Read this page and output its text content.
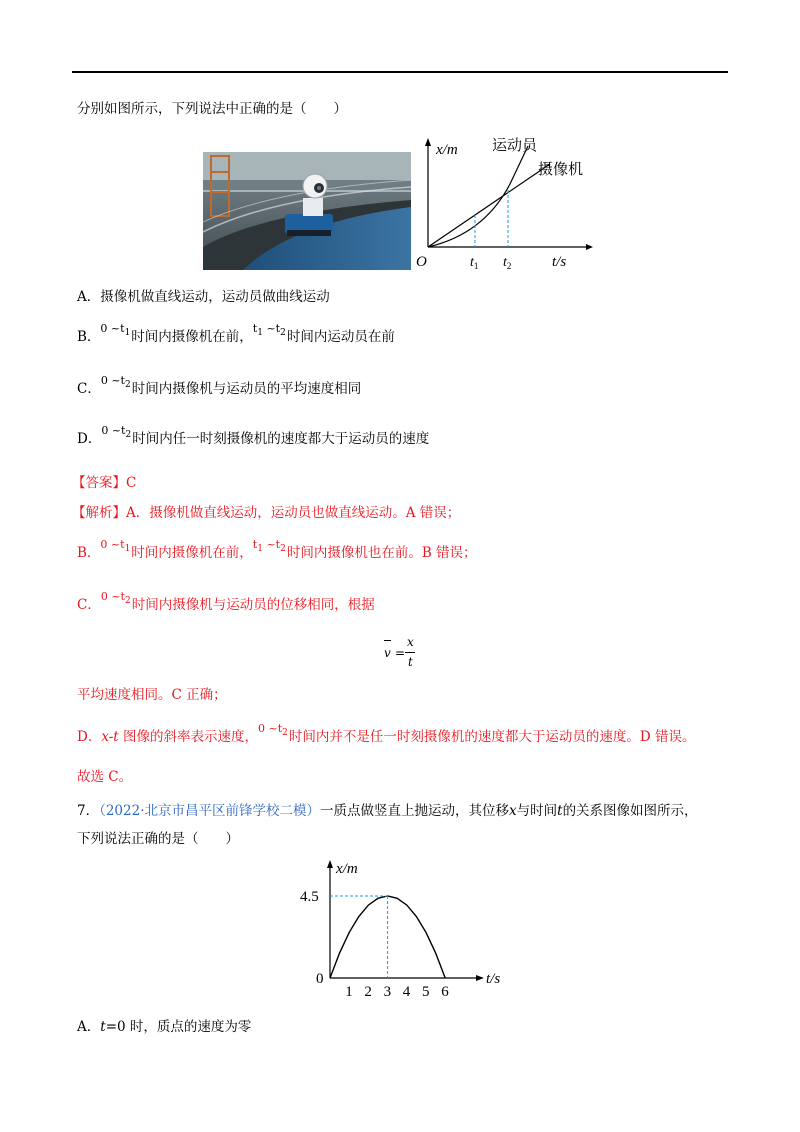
分别如图所示，下列说法中正确的是（　　）
x/m 运动员
摄像机
O	$t_1$ $t_2$	t/s
A．摄像机做直线运动，运动员做曲线运动
B．$^{0 \sim t_1}$时间内摄像机在前，$^{t_1 \sim t_2}$时间内运动员在前
C．$^{0 \sim t_2}$时间内摄像机与运动员的平均速度相同
D．$^{0 \sim t_2}$时间内任一时刻摄像机的速度都大于运动员的速度
【答案】C
【解析】A．摄像机做直线运动，运动员也做直线运动。A 错误；
B．$^{0 \sim t_1}$时间内摄像机在前，$^{t_1 \sim t_2}$时间内摄像机也在前。B 错误；
C．$^{0 \sim t_2}$时间内摄像机与运动员的位移相同，根据
v =
x
t
平均速度相同。C 正确；
D．x-t 图像的斜率表示速度，$^{0 \sim t_2}$时间内并不是任一时刻摄像机的速度都大于运动员的速度。D 错误。
故选 C。
7．（2022·北京市昌平区前锋学校二模）一质点做竖直上抛运动，其位移x与时间t的关系图像如图所示，
下列说法正确的是（　　）
x/m
t/s
0
1 2 3 4 5 6
4.5
A．t=0 时，质点的速度为零
